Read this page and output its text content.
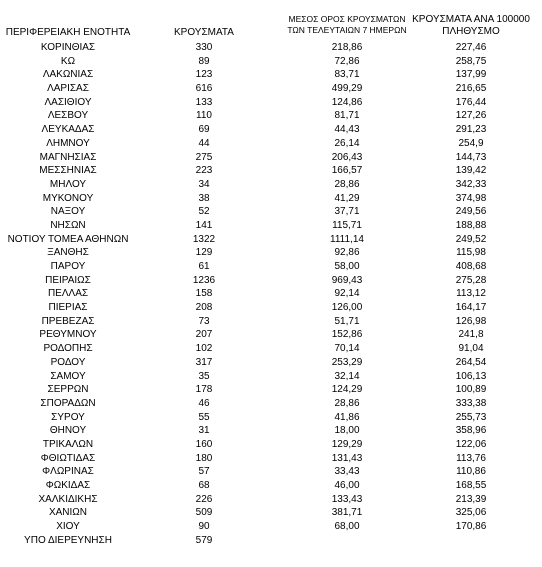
ΠΕΡΙΦΕΡΕΙΑΚΗ ΕΝΟΤΗΤΑ	ΚΡΟΥΣΜΑΤΑ
ΜΕΣΟΣ ΟΡΟΣ ΚΡΟΥΣΜΑΤΩΝ
ΤΩΝ ΤΕΛΕΥΤΑΙΩΝ 7 ΗΜΕΡΩΝ
ΚΡΟΥΣΜΑΤΑ ΑΝΑ 100000
ΠΛΗΘΥΣΜΟ
ΚΟΡΙΝΘΙΑΣ	330	218,86	227,46
ΚΩ	89	72,86	258,75
ΛΑΚΩΝΙΑΣ	123	83,71	137,99
ΛΑΡΙΣΑΣ	616	499,29	216,65
ΛΑΣΙΘΙΟΥ	133	124,86	176,44
ΛΕΣΒΟΥ	110	81,71	127,26
ΛΕΥΚΑΔΑΣ	69	44,43	291,23
ΛΗΜΝΟΥ	44	26,14	254,9
ΜΑΓΝΗΣΙΑΣ	275	206,43	144,73
ΜΕΣΣΗΝΙΑΣ	223	166,57	139,42
ΜΗΛΟΥ	34	28,86	342,33
ΜΥΚΟΝΟΥ	38	41,29	374,98
ΝΑΞΟΥ	52	37,71	249,56
ΝΗΣΩΝ	141	115,71	188,88
ΝΟΤΙΟΥ ΤΟΜΕΑ ΑΘΗΝΩΝ	1322	1111,14	249,52
ΞΑΝΘΗΣ	129	92,86	115,98
ΠΑΡΟΥ	61	58,00	408,68
ΠΕΙΡΑΙΩΣ	1236	969,43	275,28
ΠΕΛΛΑΣ	158	92,14	113,12
ΠΙΕΡΙΑΣ	208	126,00	164,17
ΠΡΕΒΕΖΑΣ	73	51,71	126,98
ΡΕΘΥΜΝΟΥ	207	152,86	241,8
ΡΟΔΟΠΗΣ	102	70,14	91,04
ΡΟΔΟΥ	317	253,29	264,54
ΣΑΜΟΥ	35	32,14	106,13
ΣΕΡΡΩΝ	178	124,29	100,89
ΣΠΟΡΑΔΩΝ	46	28,86	333,38
ΣΥΡΟΥ	55	41,86	255,73
ΘΗΝΟΥ	31	18,00	358,96
ΤΡΙΚΑΛΩΝ	160	129,29	122,06
ΦΘΙΩΤΙΔΑΣ	180	131,43	113,76
ΦΛΩΡΙΝΑΣ	57	33,43	110,86
ΦΩΚΙΔΑΣ	68	46,00	168,55
ΧΑΛΚΙΔΙΚΗΣ	226	133,43	213,39
ΧΑΝΙΩΝ	509	381,71	325,06
ΧΙΟΥ	90	68,00	170,86
ΥΠΟ ΔΙΕΡΕΥΝΗΣΗ	579
